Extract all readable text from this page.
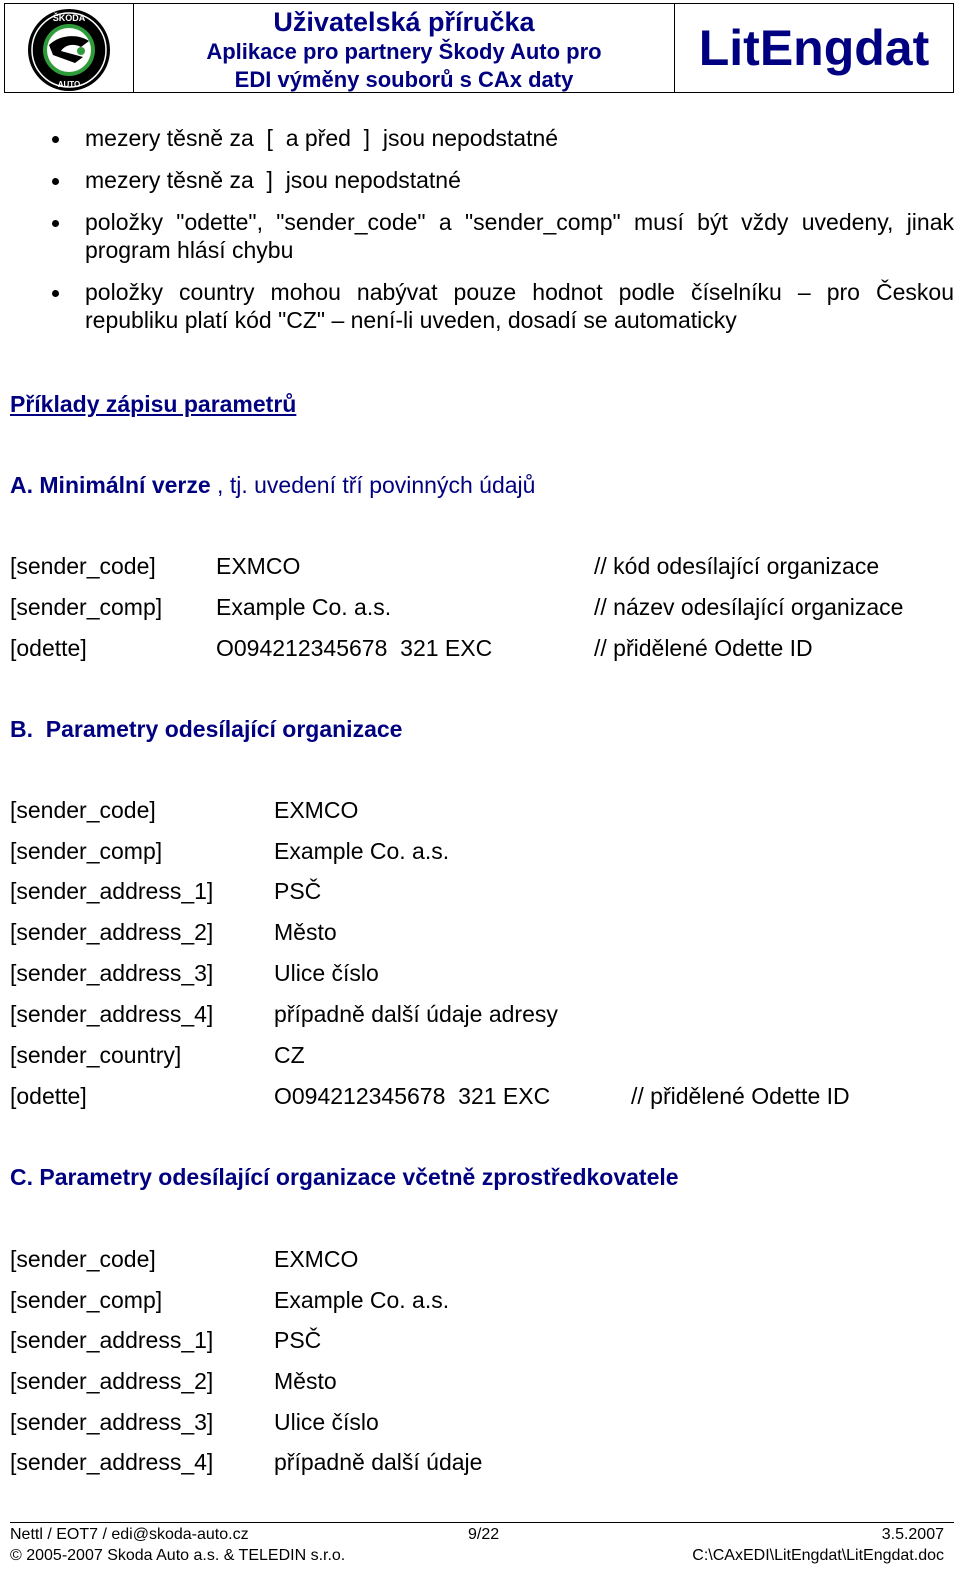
ŠKODA
AUTO
Uživatelská příručka
Aplikace pro partnery Škody Auto pro
EDI výměny souborů s CAx daty
LitEngdat
mezery těsně za  [  a před  ]  jsou nepodstatné
mezery těsně za  ]  jsou nepodstatné
položky "odette", "sender_code" a "sender_comp" musí být vždy uvedeny, jinak program hlásí chybu
položky country mohou nabývat pouze hodnot podle číselníku – pro Českou republiku platí kód "CZ" – není-li uveden, dosadí se automaticky
Příklady zápisu parametrů
A. Minimální verze , tj. uvedení tří povinných údajů
[sender_code]	EXMCO	// kód odesílající organizace
[sender_comp] Example Co. a.s.	// název odesílající organizace
[odette]	O094212345678  321 EXC	// přidělené Odette ID
B.  Parametry odesílající organizace
[sender_code]	EXMCO
[sender_comp]	Example Co. a.s.
[sender_address_1]	PSČ
[sender_address_2]	Město
[sender_address_3]	Ulice číslo
[sender_address_4]	případně další údaje adresy
[sender_country]	CZ
[odette]	O094212345678  321 EXC	// přidělené Odette ID
C. Parametry odesílající organizace včetně zprostředkovatele
[sender_code]	EXMCO
[sender_comp]	Example Co. a.s.
[sender_address_1]	PSČ
[sender_address_2]	Město
[sender_address_3]	Ulice číslo
[sender_address_4]	případně další údaje
Nettl / EOT7 / edi@skoda-auto.cz	9/22	3.5.2007
© 2005-2007 Skoda Auto a.s. & TELEDIN s.r.o.	C:\CAxEDI\LitEngdat\LitEngdat.doc
